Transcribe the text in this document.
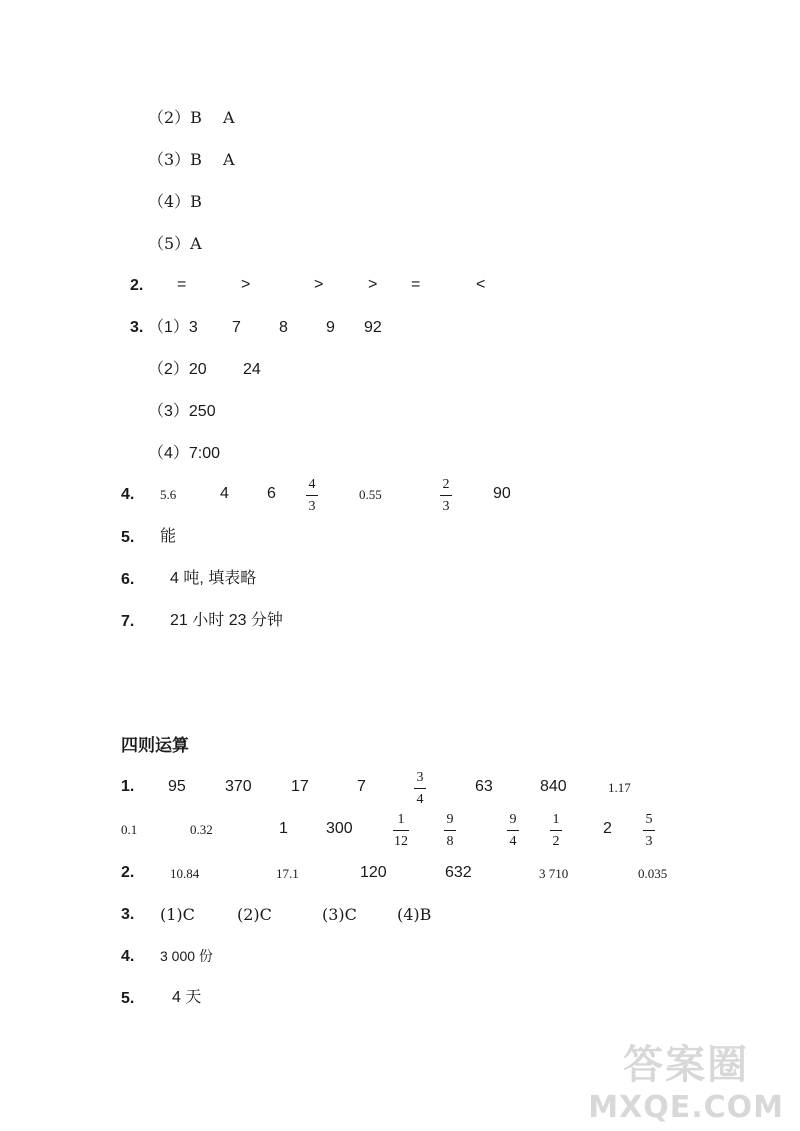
（2）B A
（3）B A
（4）B
（5）A
2. =	>	>	> =	<
3. （1）3 7 8 9 92
（2）20 24
（3）250
（4）7:00
4. 5.6	4 6
4
3
0.55
2
3
90
5. 能
6. 4 吨, 填表略
7. 21 小时 23 分钟
四则运算
1. 95 370 17	7
3
4
63	840	1.17
0.1	0.32	1 300
1
12
9
8
9
4
1
2
2
5
3
2.	10.84	17.1	120	632	3 710	0.035
3. (1)C	(2)C	(3)C	(4)B
4. 3 000 份
5. 4 天
答案圈
MXQE.COM
